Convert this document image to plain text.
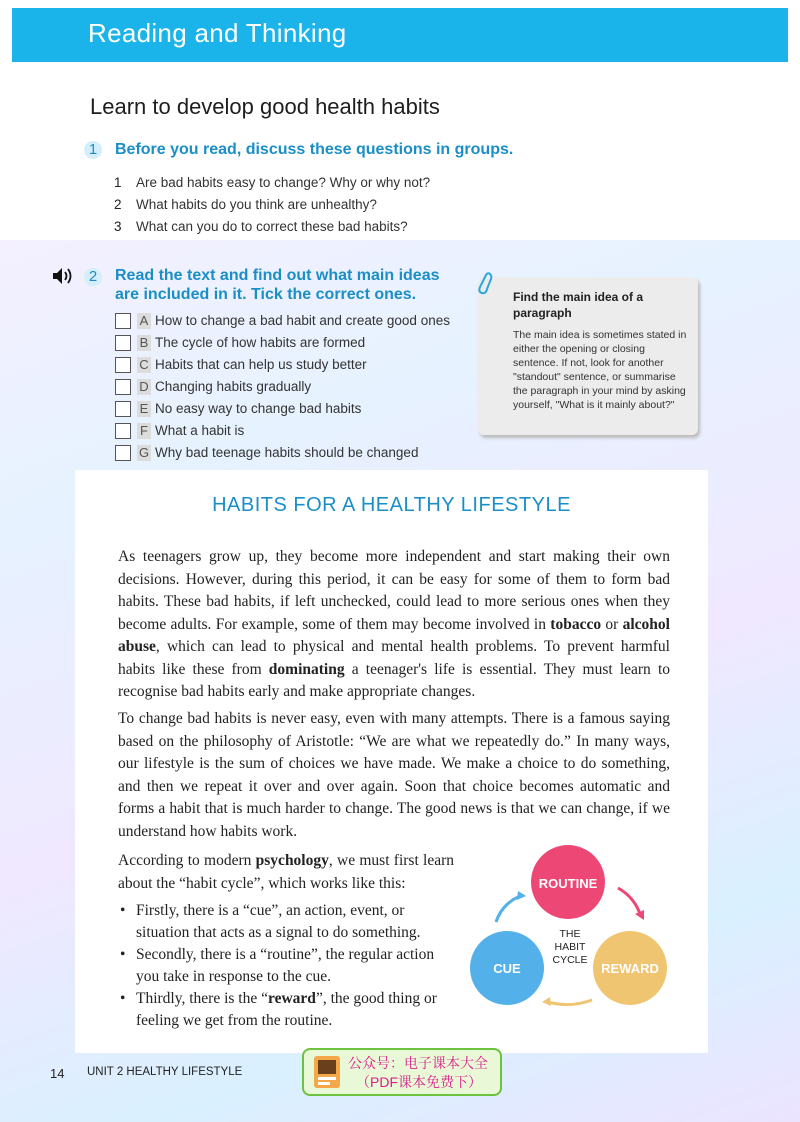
Reading and Thinking
Learn to develop good health habits
1	Before you read, discuss these questions in groups.
1 Are bad habits easy to change? Why or why not?
2 What habits do you think are unhealthy?
3 What can you do to correct these bad habits?
2	Read the text and find out what main ideas
are included in it. Tick the correct ones.
A How to change a bad habit and create good ones
B The cycle of how habits are formed
C Habits that can help us study better
D Changing habits gradually
E No easy way to change bad habits
F What a habit is
G Why bad teenage habits should be changed
Find the main idea of a paragraph
The main idea is sometimes stated in either the opening or closing sentence. If not, look for another "standout" sentence, or summarise the paragraph in your mind by asking yourself, "What is it mainly about?"
HABITS FOR A HEALTHY LIFESTYLE

As teenagers grow up, they become more independent and start making their own decisions. However, during this period, it can be easy for some of them to form bad habits. These bad habits, if left unchecked, could lead to more serious ones when they become adults. For example, some of them may become involved in tobacco or alcohol abuse, which can lead to physical and mental health problems. To prevent harmful habits like these from dominating a teenager's life is essential. They must learn to recognise bad habits early and make appropriate changes.

To change bad habits is never easy, even with many attempts. There is a famous saying based on the philosophy of Aristotle: “We are what we repeatedly do.” In many ways, our lifestyle is the sum of choices we have made. We make a choice to do something, and then we repeat it over and over again. Soon that choice becomes automatic and forms a habit that is much harder to change. The good news is that we can change, if we understand how habits work.

According to modern psychology, we must first learn about the “habit cycle”, which works like this:

• Firstly, there is a “cue”, an action, event, or situation that acts as a signal to do something.
• Secondly, there is a “routine”, the regular action you take in response to the cue.
• Thirdly, there is the “reward”, the good thing or feeling we get from the routine.
ROUTINE
CUE	REWARD
THE
HABIT
CYCLE
14 UNIT 2 HEALTHY LIFESTYLE
公众号：电子课本大全
（PDF课本免费下）
